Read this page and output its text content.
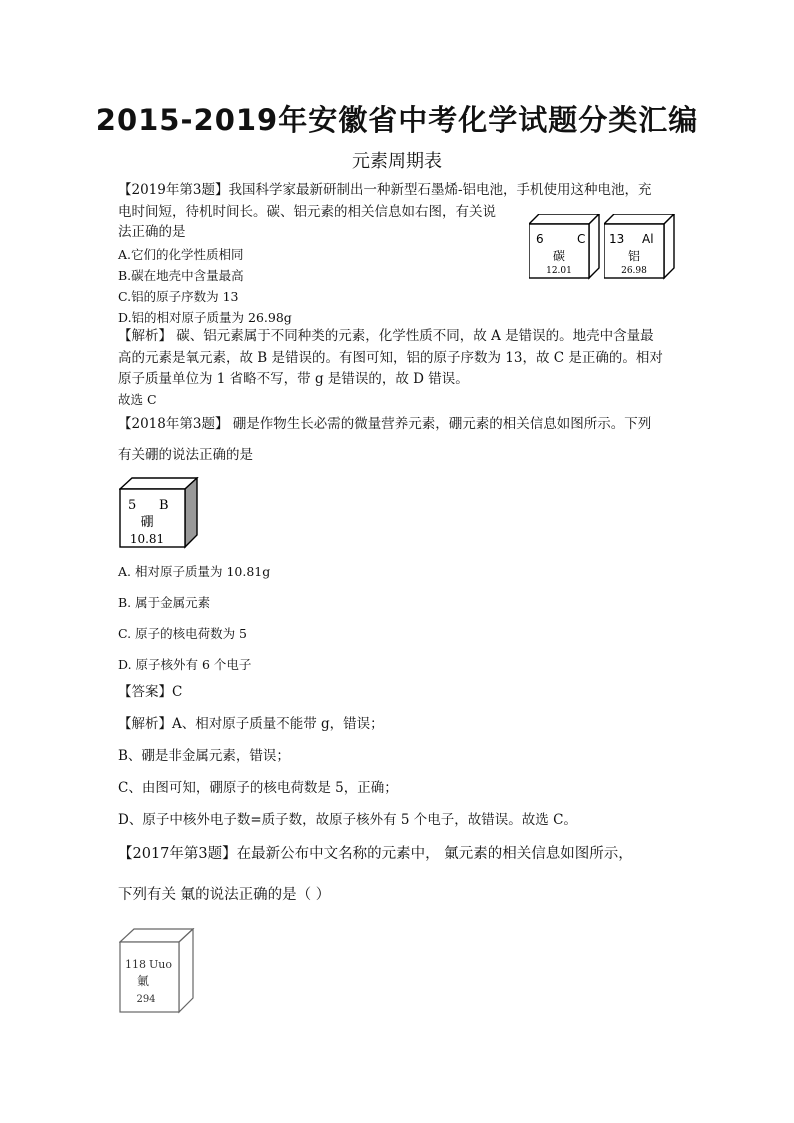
2015-2019年安徽省中考化学试题分类汇编
元素周期表
【2019年第3题】我国科学家最新研制出一种新型石墨烯-铝电池，手机使用这种电池，充
电时间短，待机时间长。碳、铝元素的相关信息如右图，有关说
法正确的是
A.它们的化学性质相同
B.碳在地壳中含量最高
C.铝的原子序数为 13
D.铝的相对原子质量为 26.98g
【解析】 碳、铝元素属于不同种类的元素，化学性质不同，故 A 是错误的。地壳中含量最
高的元素是氧元素，故 B 是错误的。有图可知，铝的原子序数为 13，故 C 是正确的。相对
原子质量单位为 1 省略不写，带 g 是错误的，故 D 错误。
故选 C
6	C
碳
12.01
13 Al
铝
26.98
【2018年第3题】 硼是作物生长必需的微量营养元素，硼元素的相关信息如图所示。下列
有关硼的说法正确的是
5 B
硼
10.81
A. 相对原子质量为 10.81g
B. 属于金属元素
C. 原子的核电荷数为 5
D. 原子核外有 6 个电子
【答案】C
【解析】A、相对原子质量不能带 g，错误；
B、硼是非金属元素，错误；
C、由图可知，硼原子的核电荷数是 5，正确；
D、原子中核外电子数=质子数，故原子核外有 5 个电子，故错误。故选 C。
【2017年第3题】在最新公布中文名称的元素中， 氭元素的相关信息如图所示，
下列有关 氭的说法正确的是（ ）
118 Uuo
氭
294
